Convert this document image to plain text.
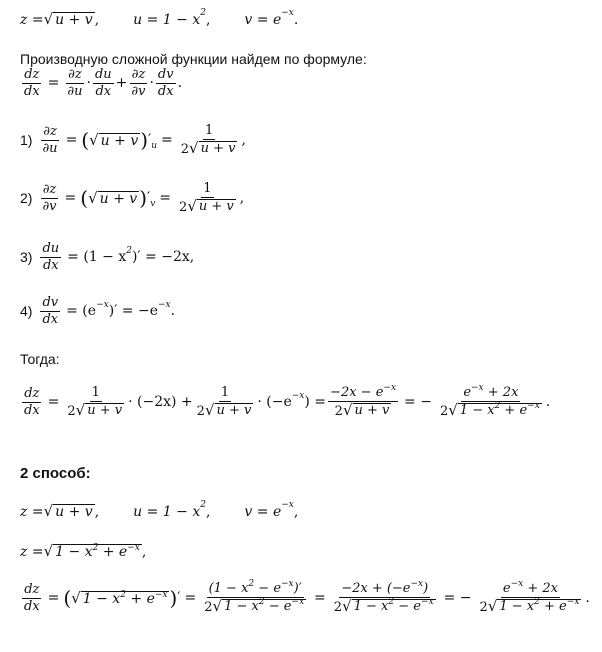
z = √ u + v , u = 1 − x 2 , v = e −x .
Производную сложной функции найдем по формуле:
$\frac{dz}{dx} = \frac{\partial z}{\partial u} \cdot \frac{du}{dx} + \frac{\partial z}{\partial v} \cdot \frac{dv}{dx}$ .
$1) \frac{\partial z}{\partial u}$ = ( √ u + v ) ′ $u = \frac{1}{2 √ u + v}$ ,
$2) \frac{\partial z}{\partial v}$ = ( √ u + v ) ′ $v = \frac{1}{2 √ u + v}$ ,
$3) \frac{du}{dx} = (1 - x$ 2 )′ = −2x,
$4) \frac{dv}{dx} = (e -x$ )′ = −e −x .
Тогда:
$\frac{dz}{dx} = \frac{1}{2 √ u + v} \cdot (-2x) + \frac{1}{2 √ u + v} \cdot (-e -x$ ) = $\frac{-2x - e^{-x}}{2 √ u + v}$ = − $\frac{e^{-x} + 2x}{2 √ 1 - x^2 + e^{-x}}$ .
2 способ:
z = √ u + v , u = 1 − x 2 , v = e −x ,
z = √ $1 - x^2 + e^{-x}$ ,
$\frac{dz}{dx}$ = ( √ $1 - x^2 + e^{-x}$ ) ′ = $\frac{(1 - x^2 - e^{-x})'}{2 √ 1 - x^2 - e^{-x}} = \frac{-2x + (-e^{-x})}{2 √ 1 - x^2 - e^{-x}}$ = − $\frac{e^{-x} + 2x}{2 √ 1 - x^2 + e^{-x}}$ .
